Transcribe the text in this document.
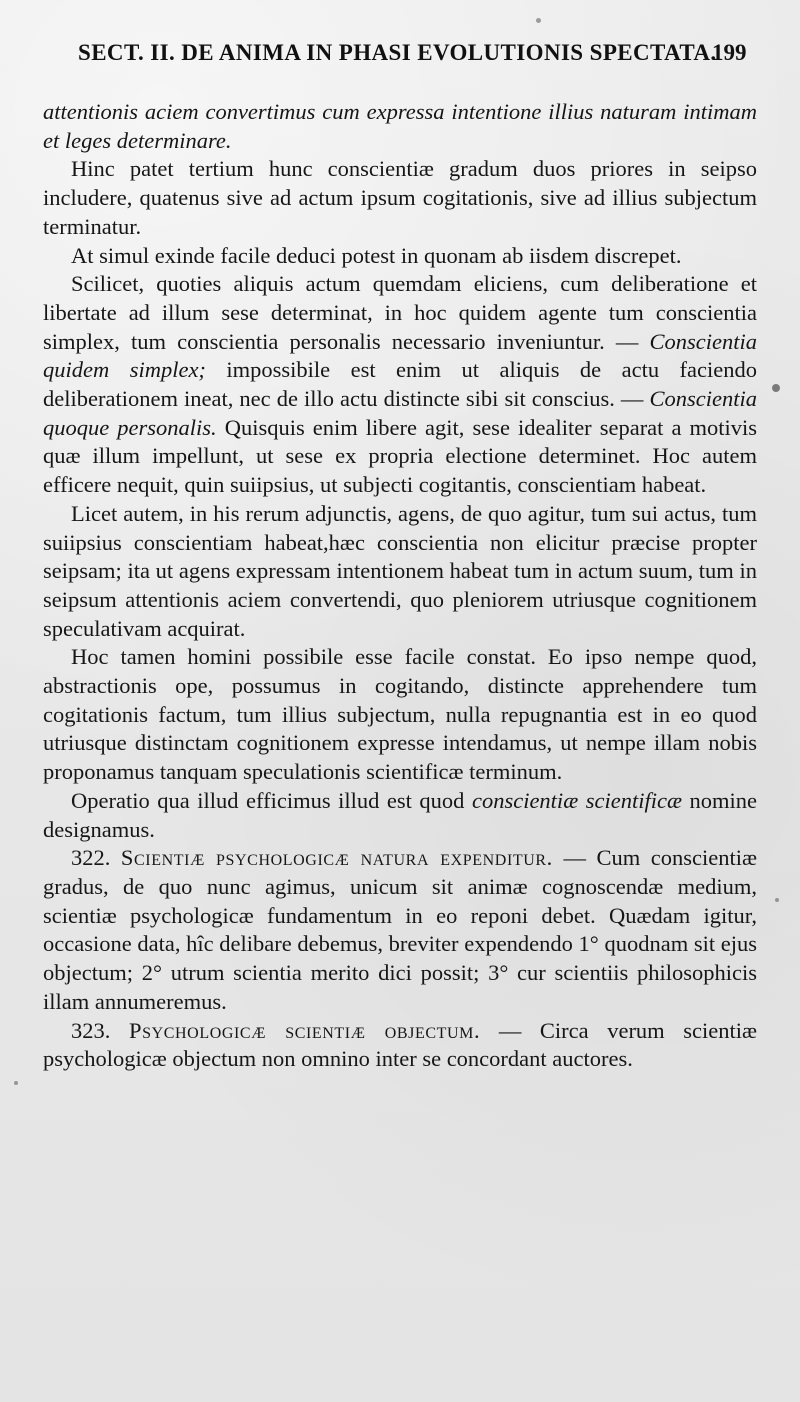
SECT. II. DE ANIMA IN PHASI EVOLUTIONIS SPECTATA.
199

attentionis aciem convertimus cum expressa intentione illius naturam intimam et leges determinare.

Hinc patet tertium hunc conscientiæ gradum duos priores in seipso includere, quatenus sive ad actum ipsum cogitationis, sive ad illius subjectum terminatur.

At simul exinde facile deduci potest in quonam ab iisdem discrepet.

Scilicet, quoties aliquis actum quemdam eliciens, cum deliberatione et libertate ad illum sese determinat, in hoc quidem agente tum conscientia simplex, tum conscientia personalis necessario inveniuntur. — Conscientia quidem simplex; impossibile est enim ut aliquis de actu faciendo deliberationem ineat, nec de illo actu distincte sibi sit conscius. — Conscientia quoque personalis. Quisquis enim libere agit, sese idealiter separat a motivis quæ illum impellunt, ut sese ex propria electione determinet. Hoc autem efficere nequit, quin suiipsius, ut subjecti cogitantis, conscientiam habeat.

Licet autem, in his rerum adjunctis, agens, de quo agitur, tum sui actus, tum suiipsius conscientiam habeat,hæc conscientia non elicitur præcise propter seipsam; ita ut agens expressam intentionem habeat tum in actum suum, tum in seipsum attentionis aciem convertendi, quo pleniorem utriusque cognitionem speculativam acquirat.

Hoc tamen homini possibile esse facile constat. Eo ipso nempe quod, abstractionis ope, possumus in cogitando, distincte apprehendere tum cogitationis factum, tum illius subjectum, nulla repugnantia est in eo quod utriusque distinctam cognitionem expresse intendamus, ut nempe illam nobis proponamus tanquam speculationis scientificæ terminum.

Operatio qua illud efficimus illud est quod conscientiæ scientificæ nomine designamus.

322. Scientiæ psychologicæ natura expenditur. — Cum conscientiæ gradus, de quo nunc agimus, unicum sit animæ cognoscendæ medium, scientiæ psychologicæ fundamentum in eo reponi debet. Quædam igitur, occasione data, hîc delibare debemus, breviter expendendo 1° quodnam sit ejus objectum; 2° utrum scientia merito dici possit; 3° cur scientiis philosophicis illam annumeremus.

323. Psychologicæ scientiæ objectum. — Circa verum scientiæ psychologicæ objectum non omnino inter se concordant auctores.
